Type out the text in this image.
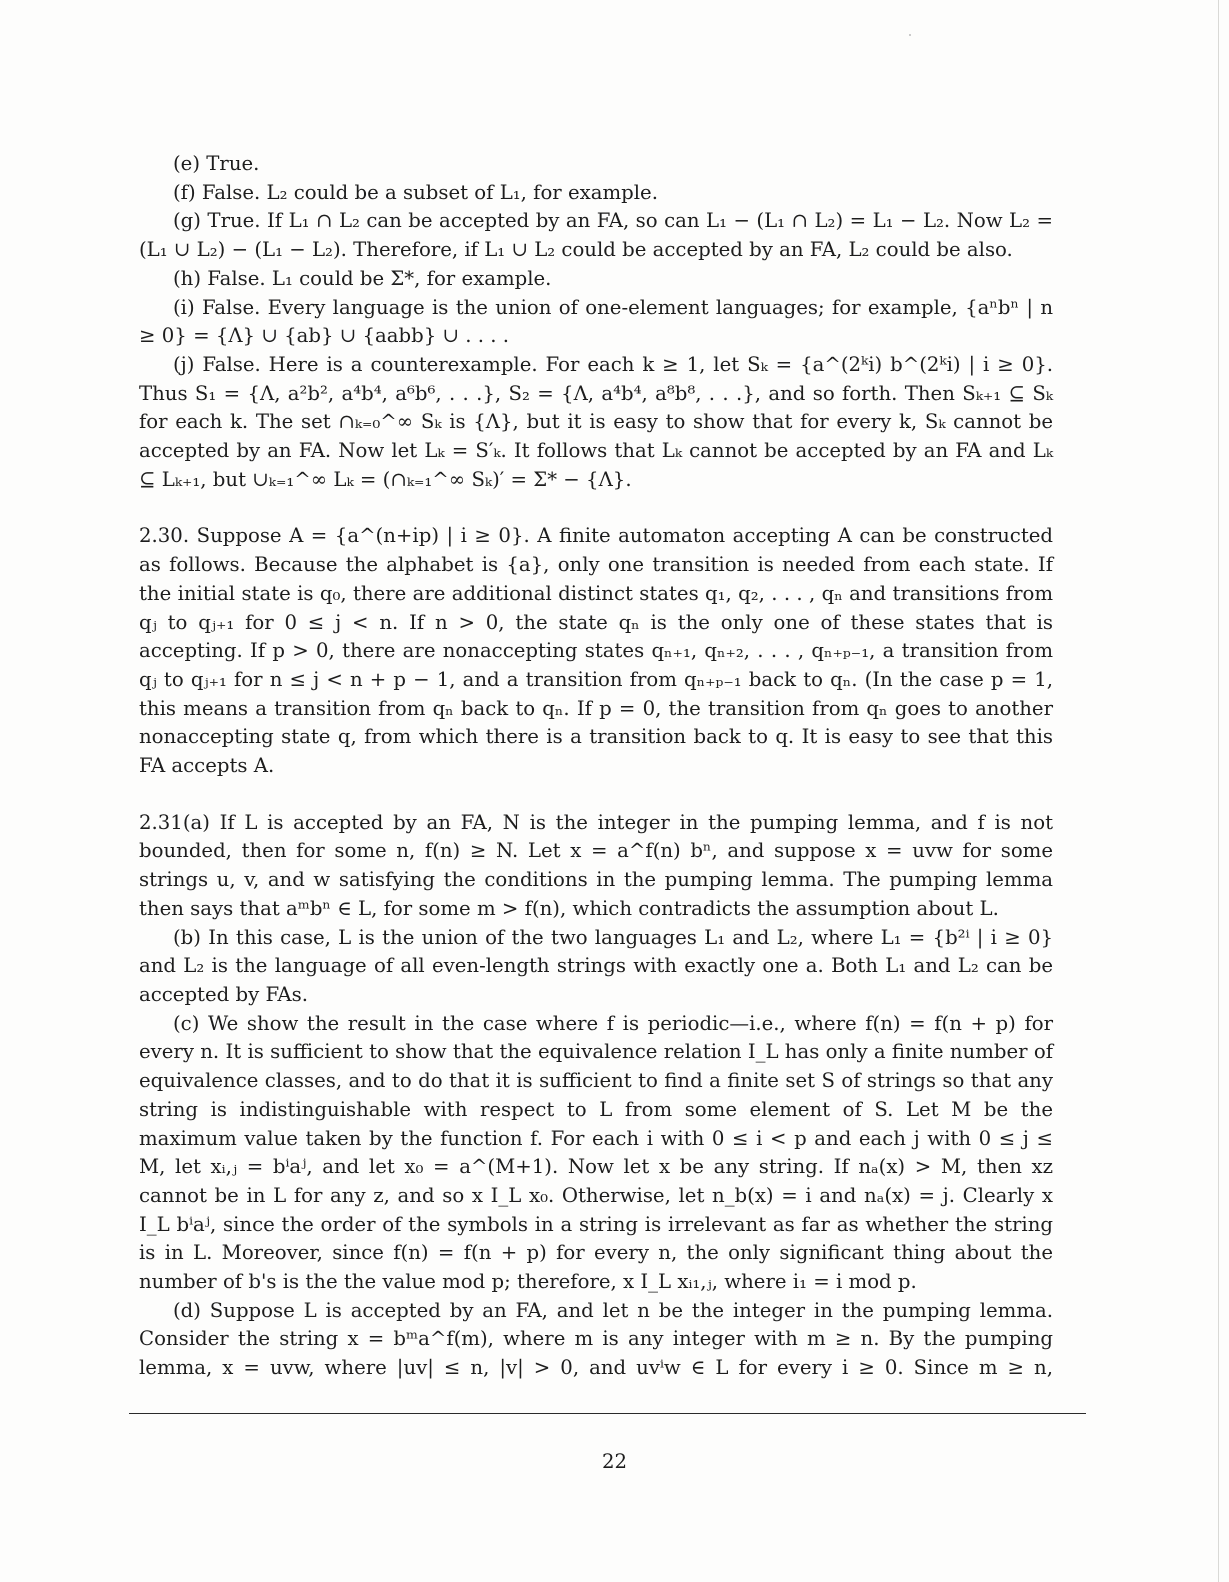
(e) True.

(f) False. L₂ could be a subset of L₁, for example.

(g) True. If L₁ ∩ L₂ can be accepted by an FA, so can L₁ − (L₁ ∩ L₂) = L₁ − L₂. Now L₂ = (L₁ ∪ L₂) − (L₁ − L₂). Therefore, if L₁ ∪ L₂ could be accepted by an FA, L₂ could be also.

(h) False. L₁ could be Σ*, for example.

(i) False. Every language is the union of one-element languages; for example, {aⁿbⁿ | n ≥ 0} = {Λ} ∪ {ab} ∪ {aabb} ∪ . . . .

(j) False. Here is a counterexample. For each k ≥ 1, let Sₖ = {a^(2ᵏi) b^(2ᵏi) | i ≥ 0}. Thus S₁ = {Λ, a²b², a⁴b⁴, a⁶b⁶, . . .}, S₂ = {Λ, a⁴b⁴, a⁸b⁸, . . .}, and so forth. Then Sₖ₊₁ ⊆ Sₖ for each k. The set ∩ₖ₌₀^∞ Sₖ is {Λ}, but it is easy to show that for every k, Sₖ cannot be accepted by an FA. Now let Lₖ = S′ₖ. It follows that Lₖ cannot be accepted by an FA and Lₖ ⊆ Lₖ₊₁, but ∪ₖ₌₁^∞ Lₖ = (∩ₖ₌₁^∞ Sₖ)′ = Σ* − {Λ}.

2.30. Suppose A = {a^(n+ip) | i ≥ 0}. A finite automaton accepting A can be constructed as follows. Because the alphabet is {a}, only one transition is needed from each state. If the initial state is q₀, there are additional distinct states q₁, q₂, . . . , qₙ and transitions from qⱼ to qⱼ₊₁ for 0 ≤ j < n. If n > 0, the state qₙ is the only one of these states that is accepting. If p > 0, there are nonaccepting states qₙ₊₁, qₙ₊₂, . . . , qₙ₊ₚ₋₁, a transition from qⱼ to qⱼ₊₁ for n ≤ j < n + p − 1, and a transition from qₙ₊ₚ₋₁ back to qₙ. (In the case p = 1, this means a transition from qₙ back to qₙ. If p = 0, the transition from qₙ goes to another nonaccepting state q, from which there is a transition back to q. It is easy to see that this FA accepts A.

2.31(a) If L is accepted by an FA, N is the integer in the pumping lemma, and f is not bounded, then for some n, f(n) ≥ N. Let x = a^f(n) bⁿ, and suppose x = uvw for some strings u, v, and w satisfying the conditions in the pumping lemma. The pumping lemma then says that aᵐbⁿ ∈ L, for some m > f(n), which contradicts the assumption about L.

(b) In this case, L is the union of the two languages L₁ and L₂, where L₁ = {b²ⁱ | i ≥ 0} and L₂ is the language of all even-length strings with exactly one a. Both L₁ and L₂ can be accepted by FAs.

(c) We show the result in the case where f is periodic—i.e., where f(n) = f(n + p) for every n. It is sufficient to show that the equivalence relation I_L has only a finite number of equivalence classes, and to do that it is sufficient to find a finite set S of strings so that any string is indistinguishable with respect to L from some element of S. Let M be the maximum value taken by the function f. For each i with 0 ≤ i < p and each j with 0 ≤ j ≤ M, let xᵢ,ⱼ = bⁱaʲ, and let x₀ = a^(M+1). Now let x be any string. If nₐ(x) > M, then xz cannot be in L for any z, and so x I_L x₀. Otherwise, let n_b(x) = i and nₐ(x) = j. Clearly x I_L bⁱaʲ, since the order of the symbols in a string is irrelevant as far as whether the string is in L. Moreover, since f(n) = f(n + p) for every n, the only significant thing about the number of b's is the the value mod p; therefore, x I_L xᵢ₁,ⱼ, where i₁ = i mod p.

(d) Suppose L is accepted by an FA, and let n be the integer in the pumping lemma. Consider the string x = bᵐa^f(m), where m is any integer with m ≥ n. By the pumping lemma, x = uvw, where |uv| ≤ n, |v| > 0, and uvⁱw ∈ L for every i ≥ 0. Since m ≥ n,

22
